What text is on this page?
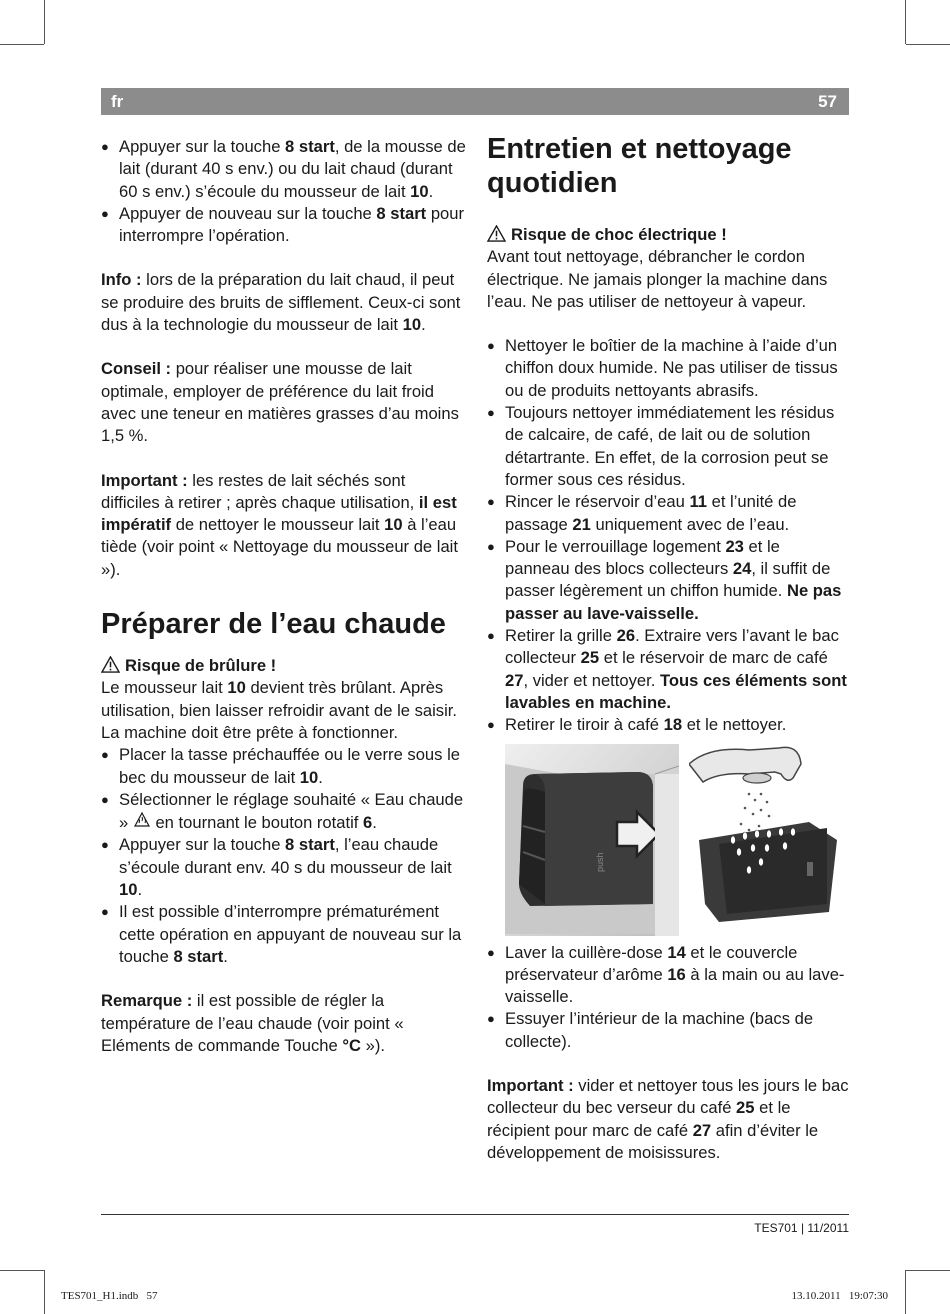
fr	57

● Appuyer sur la touche 8 start, de la mousse de lait (durant 40 s env.) ou du lait chaud (durant 60 s env.) s’écoule du mousseur de lait 10.

● Appuyer de nouveau sur la touche 8 start pour interrompre l’opération.

Info : lors de la préparation du lait chaud, il peut se produire des bruits de sifflement. Ceux-ci sont dus à la technologie du mousseur de lait 10.

Conseil : pour réaliser une mousse de lait optimale, employer de préférence du lait froid avec une teneur en matières grasses d’au moins 1,5 %.

Important : les restes de lait séchés sont difficiles à retirer ; après chaque utilisation, il est impératif de nettoyer le mousseur lait 10 à l’eau tiède (voir point « Nettoyage du mousseur de lait »).

Préparer de l’eau chaude

Risque de brûlure !

Le mousseur lait 10 devient très brûlant. Après utilisation, bien laisser refroidir avant de le saisir.

La machine doit être prête à fonctionner.

● Placer la tasse préchauffée ou le verre sous le bec du mousseur de lait 10.

● Sélectionner le réglage souhaité « Eau chaude »  en tournant le bouton rotatif 6.

● Appuyer sur la touche 8 start, l’eau chaude s’écoule durant env. 40 s du mousseur de lait 10.

● Il est possible d’interrompre prématurément cette opération en appuyant de nouveau sur la touche 8 start.

Remarque : il est possible de régler la température de l’eau chaude (voir point « Eléments de commande Touche °C »).

Entretien et nettoyage quotidien

Risque de choc électrique !

Avant tout nettoyage, débrancher le cordon électrique. Ne jamais plonger la machine dans l’eau. Ne pas utiliser de nettoyeur à vapeur.

● Nettoyer le boîtier de la machine à l’aide d’un chiffon doux humide. Ne pas utiliser de tissus ou de produits nettoyants abrasifs.

● Toujours nettoyer immédiatement les résidus de calcaire, de café, de lait ou de solution détartrante. En effet, de la corrosion peut se former sous ces résidus.

● Rincer le réservoir d’eau 11 et l’unité de passage 21 uniquement avec de l’eau.

● Pour le verrouillage logement 23 et le panneau des blocs collecteurs 24, il suffit de passer légèrement un chiffon humide. Ne pas passer au lave-vaisselle.

● Retirer la grille 26. Extraire vers l’avant le bac collecteur 25 et le réservoir de marc de café 27, vider et nettoyer. Tous ces éléments sont lavables en machine.

● Retirer le tiroir à café 18 et le nettoyer.

push

● Laver la cuillère-dose 14 et le couvercle préservateur d’arôme 16 à la main ou au lave-vaisselle.

● Essuyer l’intérieur de la machine (bacs de collecte).

Important : vider et nettoyer tous les jours le bac collecteur du bec verseur du café 25 et le récipient pour marc de café 27 afin d’éviter le développement de moisissures.

TES701 | 11/2011
TES701_H1.indb   57	13.10.2011   19:07:30
